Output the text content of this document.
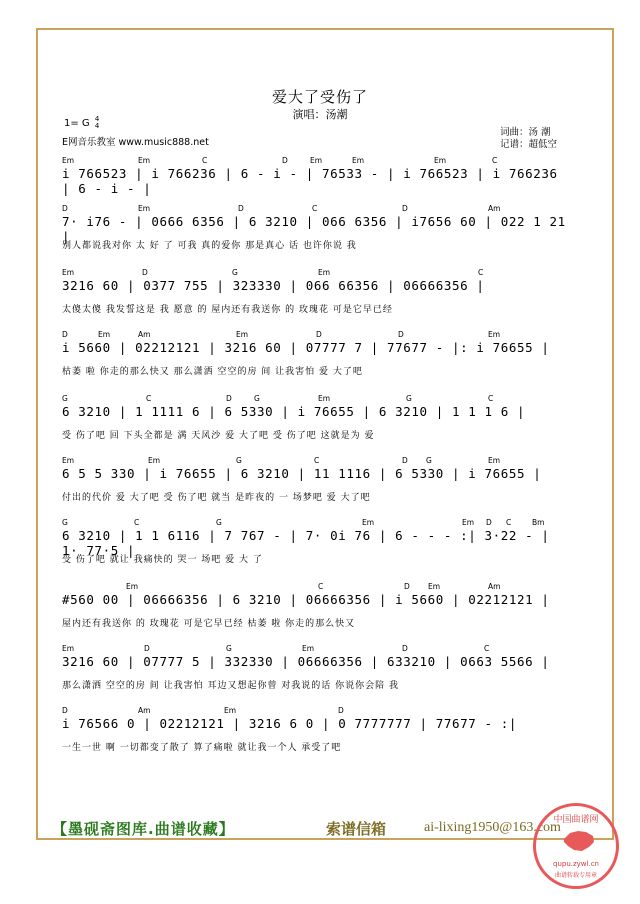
爱大了受伤了
演唱：汤潮
1= G 4
4
E网音乐教室 www.music888.net
词曲：汤 潮
记谱：超低空
Em	Em	C	D	Em	Em	Em	C
i 766523 | i 766236 | 6 - i - | 76533 - | i 766523 | i 766236 | 6 - i - |
D	Em	D	C	D	Am
7· i76 - | 0666 6356 | 6 3210 | 066 6356 | i7656 60 | 022 1 21 |
别人都说我对你 太 好 了 可我 真的爱你 那是真心 话 也许你说 我
Em	D	G	Em	C
3216 60 | 0377 755 | 323330 | 066 66356 | 06666356 |
太傻太傻 我发誓这是 我 愿意 的 屋内还有我送你 的 玫瑰花 可是它早已经
D	Em	Am	Em	D	D	Em
i 5660 | 02212121 | 3216 60 | 07777 7 | 77677 - |: i 76655 |
枯萎 啦 你走的那么快又 那么潇洒 空空的房 间 让我害怕 爱 大了吧
G	C	D	G	Em	G	C
6 3210 | 1 1111 6 | 6 5330 | i 76655 | 6 3210 | 1 1 1 6 |
受 伤了吧 回 下头全都是 满 天风沙 爱 大了吧 受 伤了吧 这就是为 爱
Em	Em	G	C	D G	Em
6 5 5 330 | i 76655 | 6 3210 | 11 1116 | 6 5330 | i 76655 |
付出的代价 爱 大了吧 受 伤了吧 就当 是昨夜的 一 场梦吧 爱 大了吧
G	C	G	Em	Em D C	Bm
6 3210 | 1 1 6116 | 7 767 - | 7· 0i 76 | 6 - - - :| 3·22 - | 1· 77·5 |
受 伤了吧 就让 我痛快的 哭一 场吧 爱 大 了
Em	C	D Em	Am
#560 00 | 06666356 | 6 3210 | 06666356 | i 5660 | 02212121 |
屋内还有我送你 的 玫瑰花 可是它早已经 枯萎 啦 你走的那么快又
Em	D	G	Em	D	C
3216 60 | 07777 5 | 332330 | 06666356 | 633210 | 0663 5566 |
那么潇洒 空空的房 间 让我害怕 耳边又想起你曾 对我说的话 你说你会陪 我
D	Am	Em	D
i 76566 0 | 02212121 | 3216 6 0 | 0 7777777 | 77677 - :|
一生一世 啊 一切都变了散了 算了痛啦 就让我一个人 承受了吧
【墨砚斋图库.曲谱收藏】	索谱信箱	ai-lixing1950@163.com
中国曲谱网
qupu.zywl.cn
曲谱转载专用章
